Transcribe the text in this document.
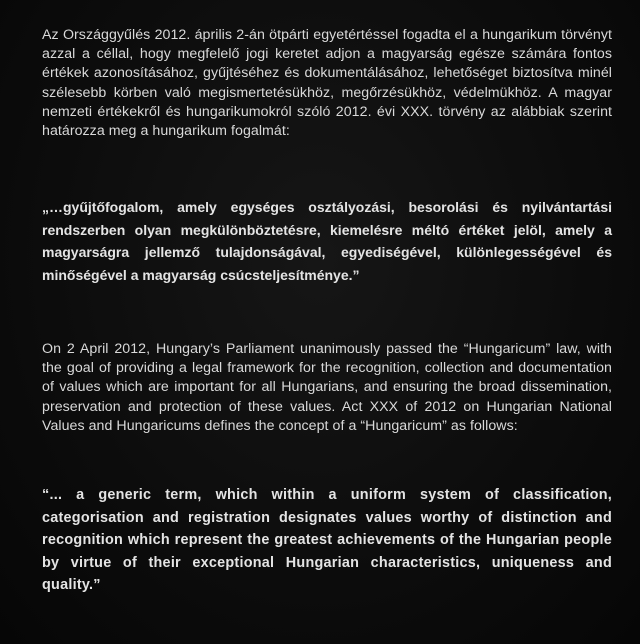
Az Országgyűlés 2012. április 2-án ötpárti egyetértéssel fogadta el a hungarikum törvényt azzal a céllal, hogy megfelelő jogi keretet adjon a magyarság egésze számára fontos értékek azonosításához, gyűjtéséhez és dokumentálásához, lehetőséget biztosítva minél szélesebb körben való megismertetésükhöz, megőrzésükhöz, védelmükhöz. A magyar nemzeti értékekről és hungarikumokról szóló 2012. évi XXX. törvény az alábbiak szerint határozza meg a hungarikum fogalmát:

„…gyűjtőfogalom, amely egységes osztályozási, besorolási és nyilvántartási rendszerben olyan megkülönböztetésre, kiemelésre méltó értéket jelöl, amely a magyarságra jellemző tulajdonságával, egyediségével, különlegességével és minőségével a magyarság csúcsteljesítménye.”

On 2 April 2012, Hungary’s Parliament unanimously passed the “Hungaricum” law, with the goal of providing a legal framework for the recognition, collection and documentation of values which are important for all Hungarians, and ensuring the broad dissemination, preservation and protection of these values. Act XXX of 2012 on Hungarian National Values and Hungaricums defines the concept of a “Hungaricum” as follows:

“... a generic term, which within a uniform system of classification, categorisation and registration designates values worthy of distinction and recognition which represent the greatest achievements of the Hungarian people by virtue of their exceptional Hungarian characteristics, uniqueness and quality.”
